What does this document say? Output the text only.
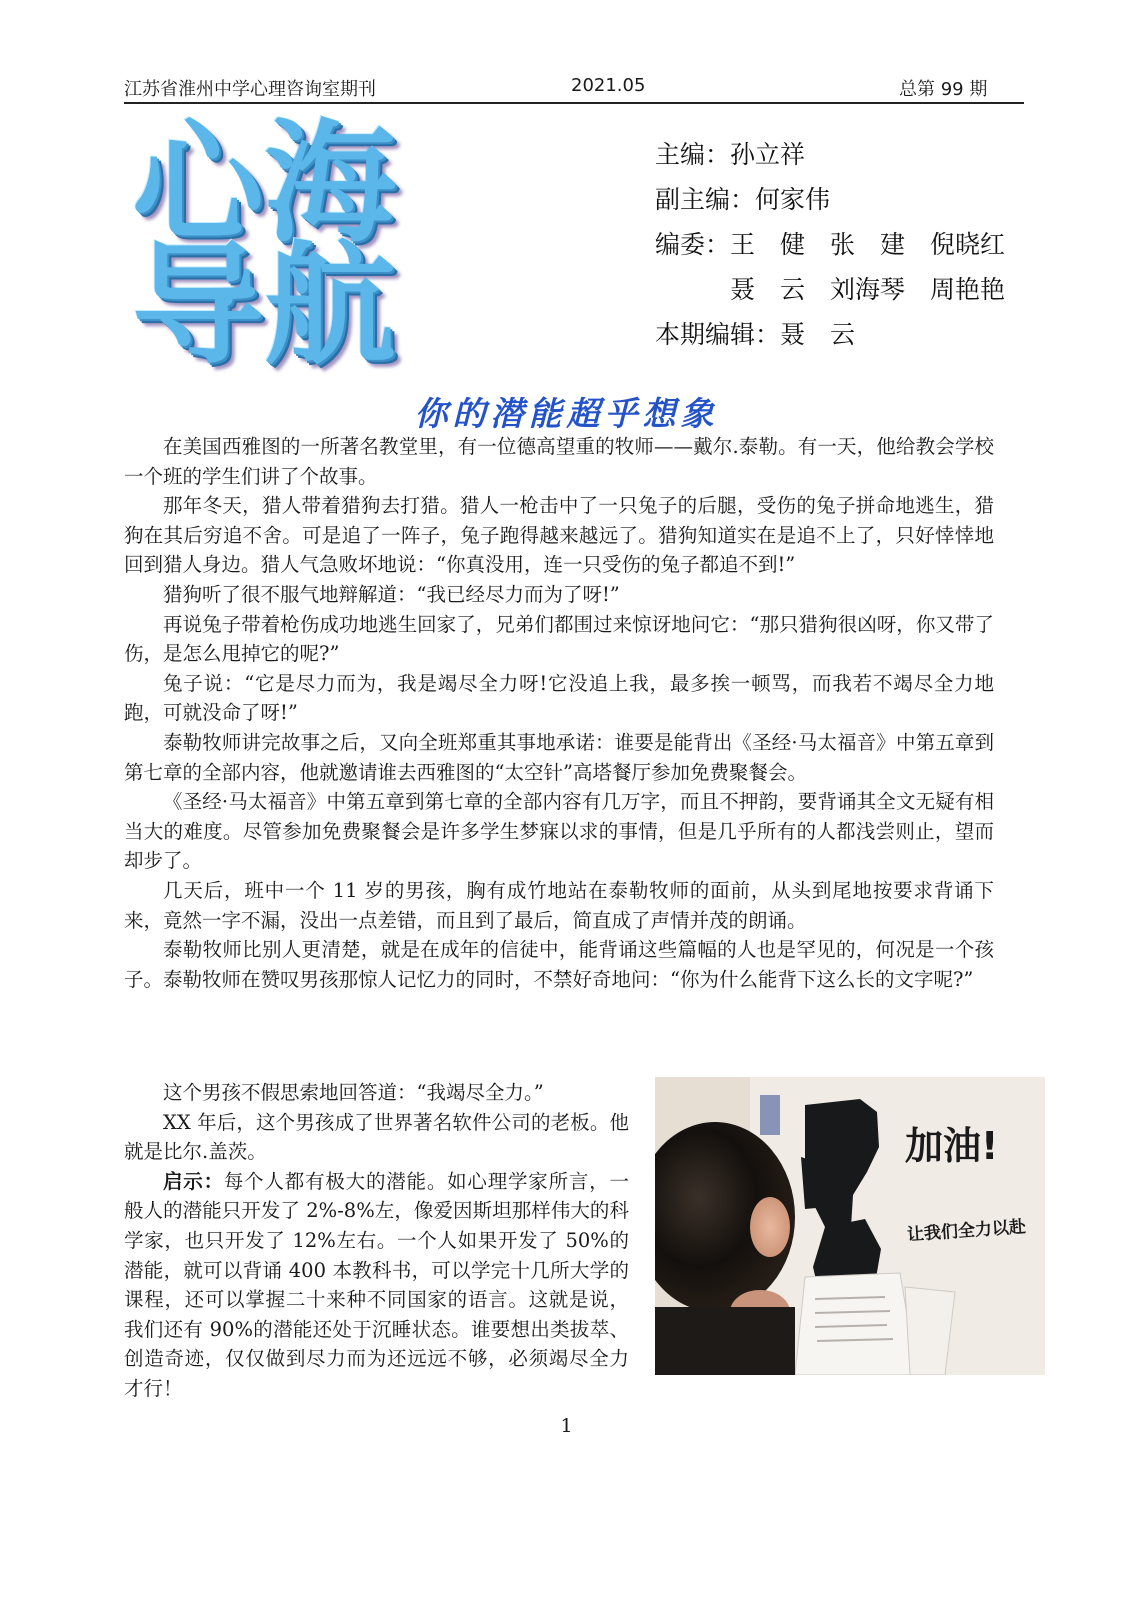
江苏省淮州中学心理咨询室期刊	2021.05	总第 99 期
心海
导航
主编：孙立祥
副主编：何家伟
编委：王　健　张　建　倪晓红
　　　聂　云　刘海琴　周艳艳
本期编辑：聂　云
你的潜能超乎想象

在美国西雅图的一所著名教堂里，有一位德高望重的牧师——戴尔.泰勒。有一天，他给教会学校一个班的学生们讲了个故事。

那年冬天，猎人带着猎狗去打猎。猎人一枪击中了一只兔子的后腿，受伤的兔子拼命地逃生，猎狗在其后穷追不舍。可是追了一阵子，兔子跑得越来越远了。猎狗知道实在是追不上了，只好悻悻地回到猎人身边。猎人气急败坏地说：“你真没用，连一只受伤的兔子都追不到!”

猎狗听了很不服气地辩解道：“我已经尽力而为了呀!”

再说兔子带着枪伤成功地逃生回家了，兄弟们都围过来惊讶地问它：“那只猎狗很凶呀，你又带了伤，是怎么甩掉它的呢?”

兔子说：“它是尽力而为，我是竭尽全力呀!它没追上我，最多挨一顿骂，而我若不竭尽全力地跑，可就没命了呀!”

泰勒牧师讲完故事之后，又向全班郑重其事地承诺：谁要是能背出《圣经·马太福音》中第五章到第七章的全部内容，他就邀请谁去西雅图的“太空针”高塔餐厅参加免费聚餐会。

《圣经·马太福音》中第五章到第七章的全部内容有几万字，而且不押韵，要背诵其全文无疑有相当大的难度。尽管参加免费聚餐会是许多学生梦寐以求的事情，但是几乎所有的人都浅尝则止，望而却步了。

几天后，班中一个 11 岁的男孩，胸有成竹地站在泰勒牧师的面前，从头到尾地按要求背诵下来，竟然一字不漏，没出一点差错，而且到了最后，简直成了声情并茂的朗诵。

泰勒牧师比别人更清楚，就是在成年的信徒中，能背诵这些篇幅的人也是罕见的，何况是一个孩子。泰勒牧师在赞叹男孩那惊人记忆力的同时，不禁好奇地问：“你为什么能背下这么长的文字呢?”

这个男孩不假思索地回答道：“我竭尽全力。”

XX 年后，这个男孩成了世界著名软件公司的老板。他就是比尔.盖茨。

启示：每个人都有极大的潜能。如心理学家所言，一般人的潜能只开发了 2%-8%左，像爱因斯坦那样伟大的科学家，也只开发了 12%左右。一个人如果开发了 50%的潜能，就可以背诵 400 本教科书，可以学完十几所大学的课程，还可以掌握二十来种不同国家的语言。这就是说，我们还有 90%的潜能还处于沉睡状态。谁要想出类拔萃、创造奇迹，仅仅做到尽力而为还远远不够，必须竭尽全力才行！

加油!
让我们全力以赴
1
